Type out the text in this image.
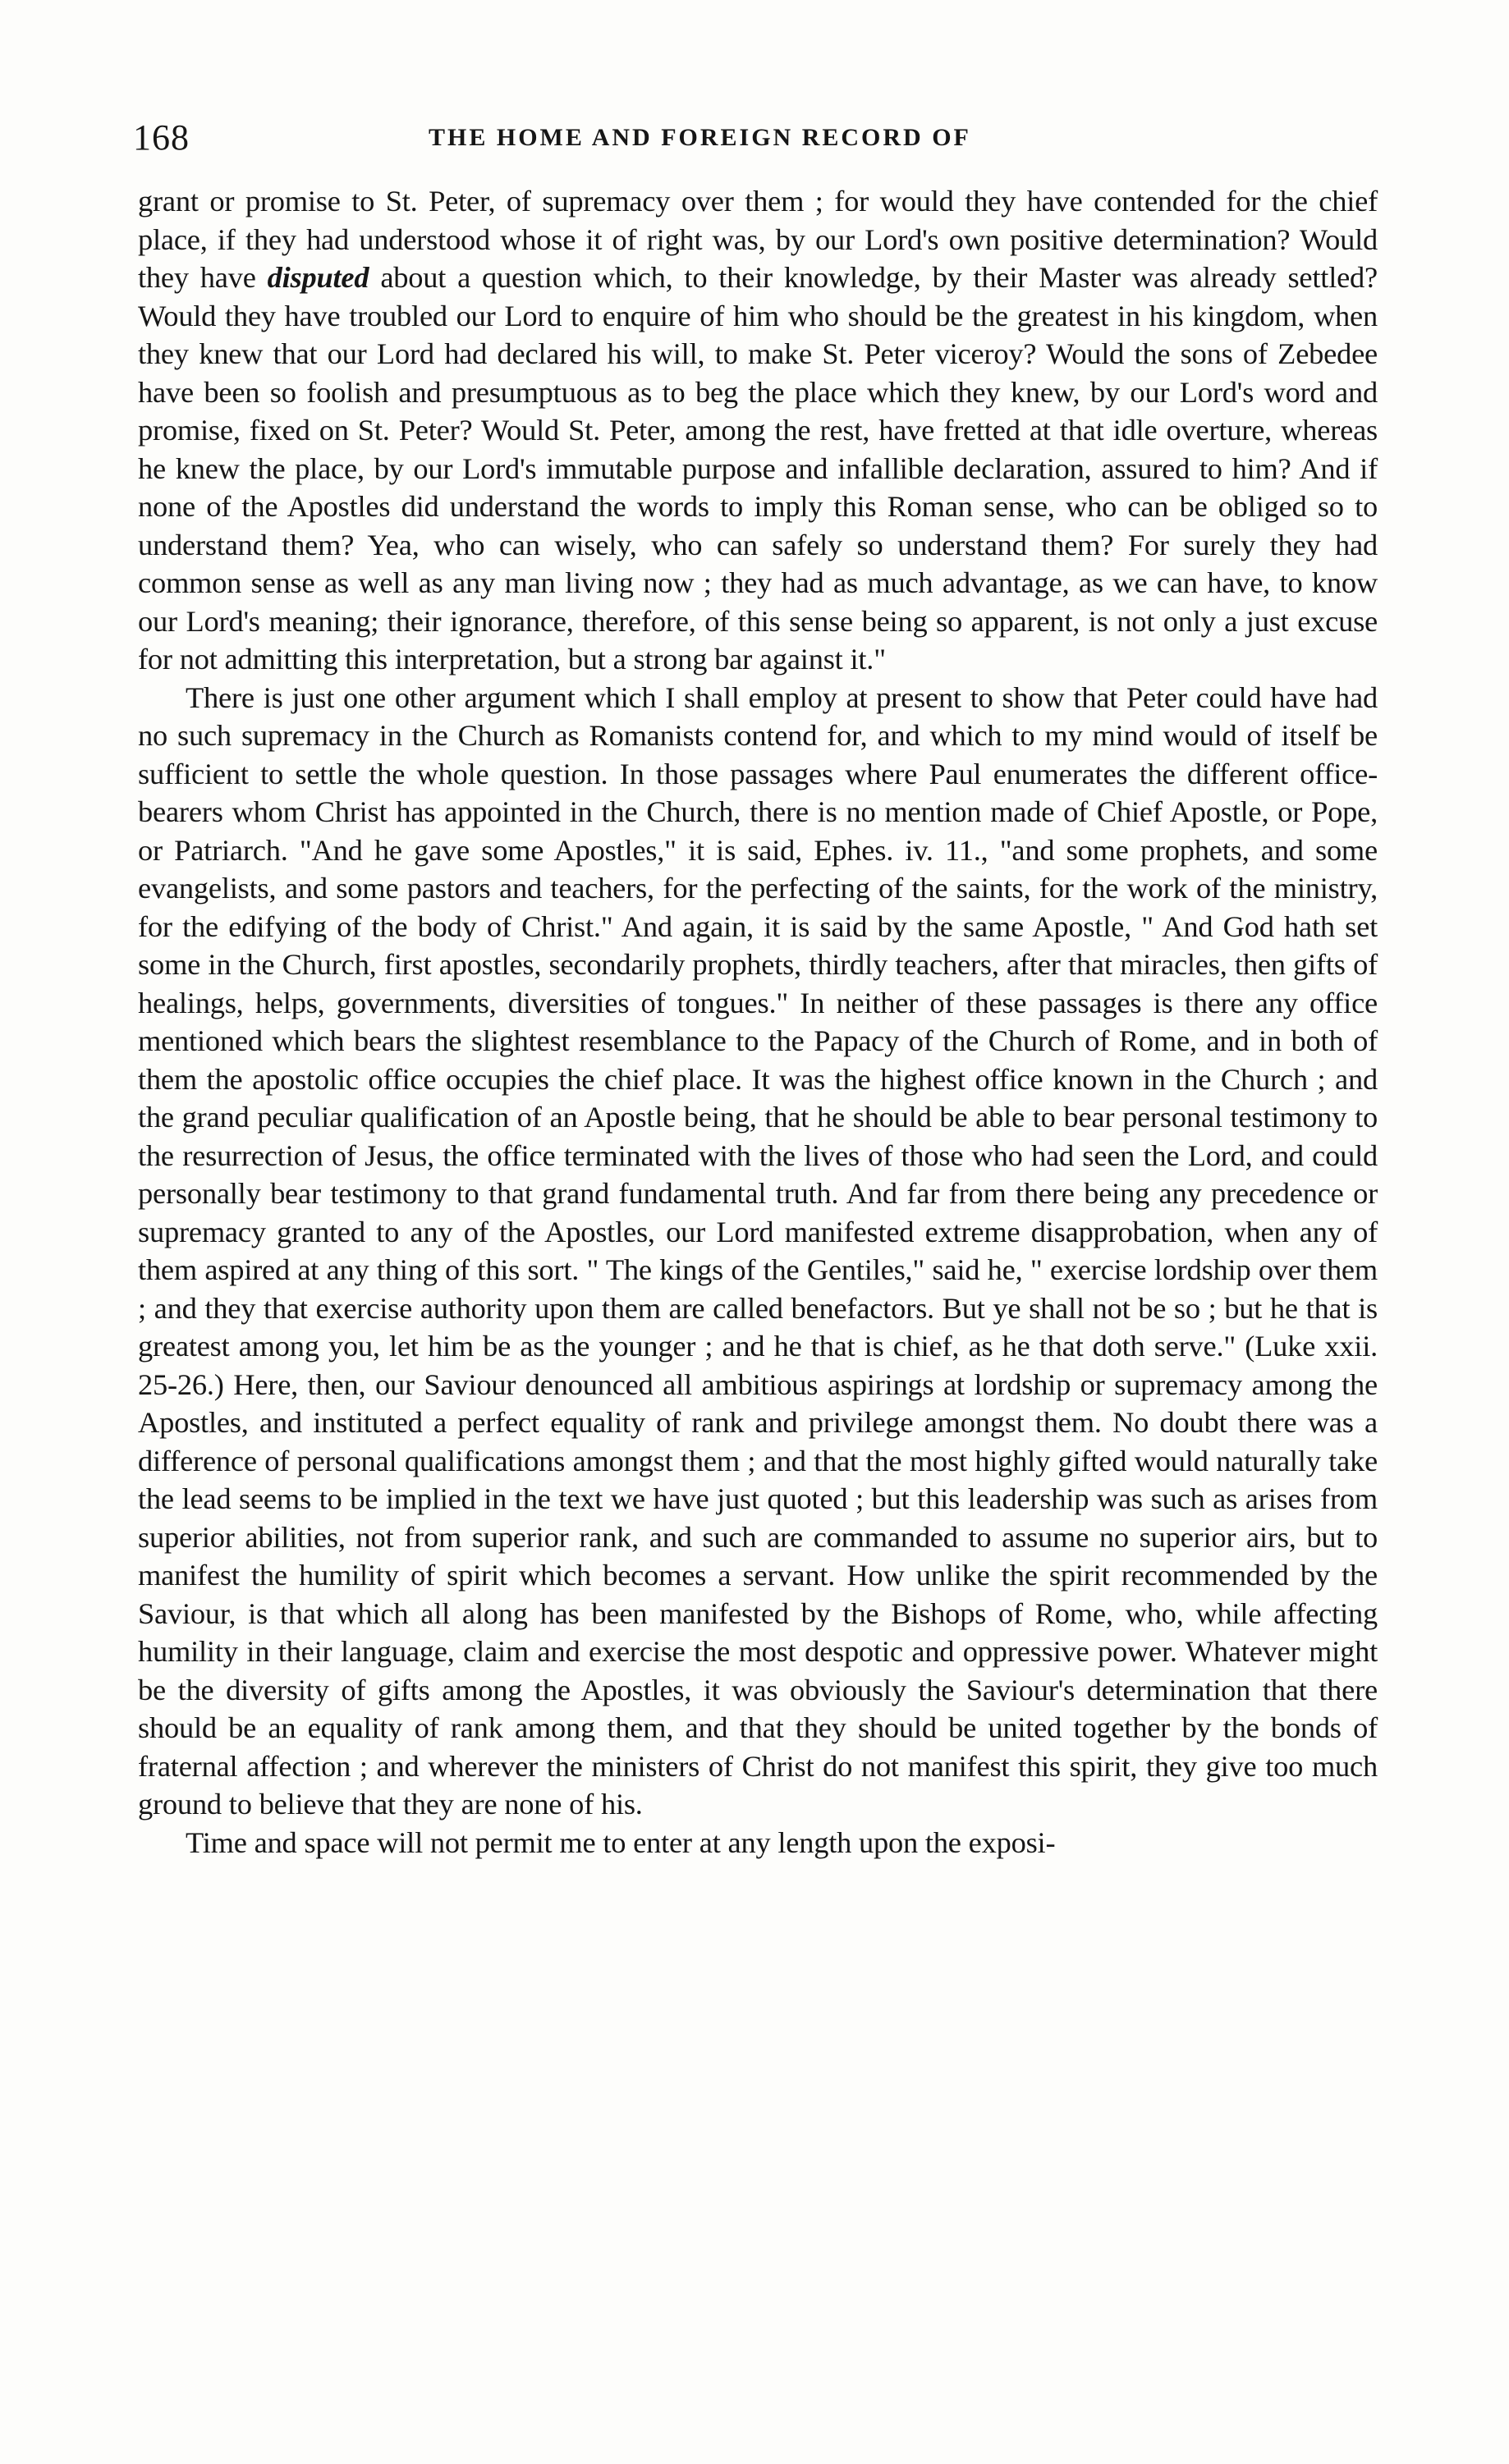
168	THE HOME AND FOREIGN RECORD OF

grant or promise to St. Peter, of supremacy over them ; for would they have contended for the chief place, if they had understood whose it of right was, by our Lord's own positive determination? Would they have disputed about a question which, to their knowledge, by their Master was already settled? Would they have troubled our Lord to enquire of him who should be the greatest in his kingdom, when they knew that our Lord had declared his will, to make St. Peter viceroy? Would the sons of Zebedee have been so foolish and presumptuous as to beg the place which they knew, by our Lord's word and promise, fixed on St. Peter? Would St. Peter, among the rest, have fretted at that idle overture, whereas he knew the place, by our Lord's immutable purpose and infallible declaration, assured to him? And if none of the Apostles did understand the words to imply this Roman sense, who can be obliged so to understand them? Yea, who can wisely, who can safely so understand them? For surely they had common sense as well as any man living now ; they had as much advantage, as we can have, to know our Lord's meaning; their ignorance, therefore, of this sense being so apparent, is not only a just excuse for not admitting this interpretation, but a strong bar against it."

There is just one other argument which I shall employ at present to show that Peter could have had no such supremacy in the Church as Romanists contend for, and which to my mind would of itself be sufficient to settle the whole question. In those passages where Paul enumerates the different office-bearers whom Christ has appointed in the Church, there is no mention made of Chief Apostle, or Pope, or Patriarch. "And he gave some Apostles," it is said, Ephes. iv. 11., "and some prophets, and some evangelists, and some pastors and teachers, for the perfecting of the saints, for the work of the ministry, for the edifying of the body of Christ." And again, it is said by the same Apostle, " And God hath set some in the Church, first apostles, secondarily prophets, thirdly teachers, after that miracles, then gifts of healings, helps, governments, diversities of tongues." In neither of these passages is there any office mentioned which bears the slightest resemblance to the Papacy of the Church of Rome, and in both of them the apostolic office occupies the chief place. It was the highest office known in the Church ; and the grand peculiar qualification of an Apostle being, that he should be able to bear personal testimony to the resurrection of Jesus, the office terminated with the lives of those who had seen the Lord, and could personally bear testimony to that grand fundamental truth. And far from there being any precedence or supremacy granted to any of the Apostles, our Lord manifested extreme disapprobation, when any of them aspired at any thing of this sort. " The kings of the Gentiles," said he, " exercise lordship over them ; and they that exercise authority upon them are called benefactors. But ye shall not be so ; but he that is greatest among you, let him be as the younger ; and he that is chief, as he that doth serve." (Luke xxii. 25-26.) Here, then, our Saviour denounced all ambitious aspirings at lordship or supremacy among the Apostles, and instituted a perfect equality of rank and privilege amongst them. No doubt there was a difference of personal qualifications amongst them ; and that the most highly gifted would naturally take the lead seems to be implied in the text we have just quoted ; but this leadership was such as arises from superior abilities, not from superior rank, and such are commanded to assume no superior airs, but to manifest the humility of spirit which becomes a servant. How unlike the spirit recommended by the Saviour, is that which all along has been manifested by the Bishops of Rome, who, while affecting humility in their language, claim and exercise the most despotic and oppressive power. Whatever might be the diversity of gifts among the Apostles, it was obviously the Saviour's determination that there should be an equality of rank among them, and that they should be united together by the bonds of fraternal affection ; and wherever the ministers of Christ do not manifest this spirit, they give too much ground to believe that they are none of his.

Time and space will not permit me to enter at any length upon the exposi-
